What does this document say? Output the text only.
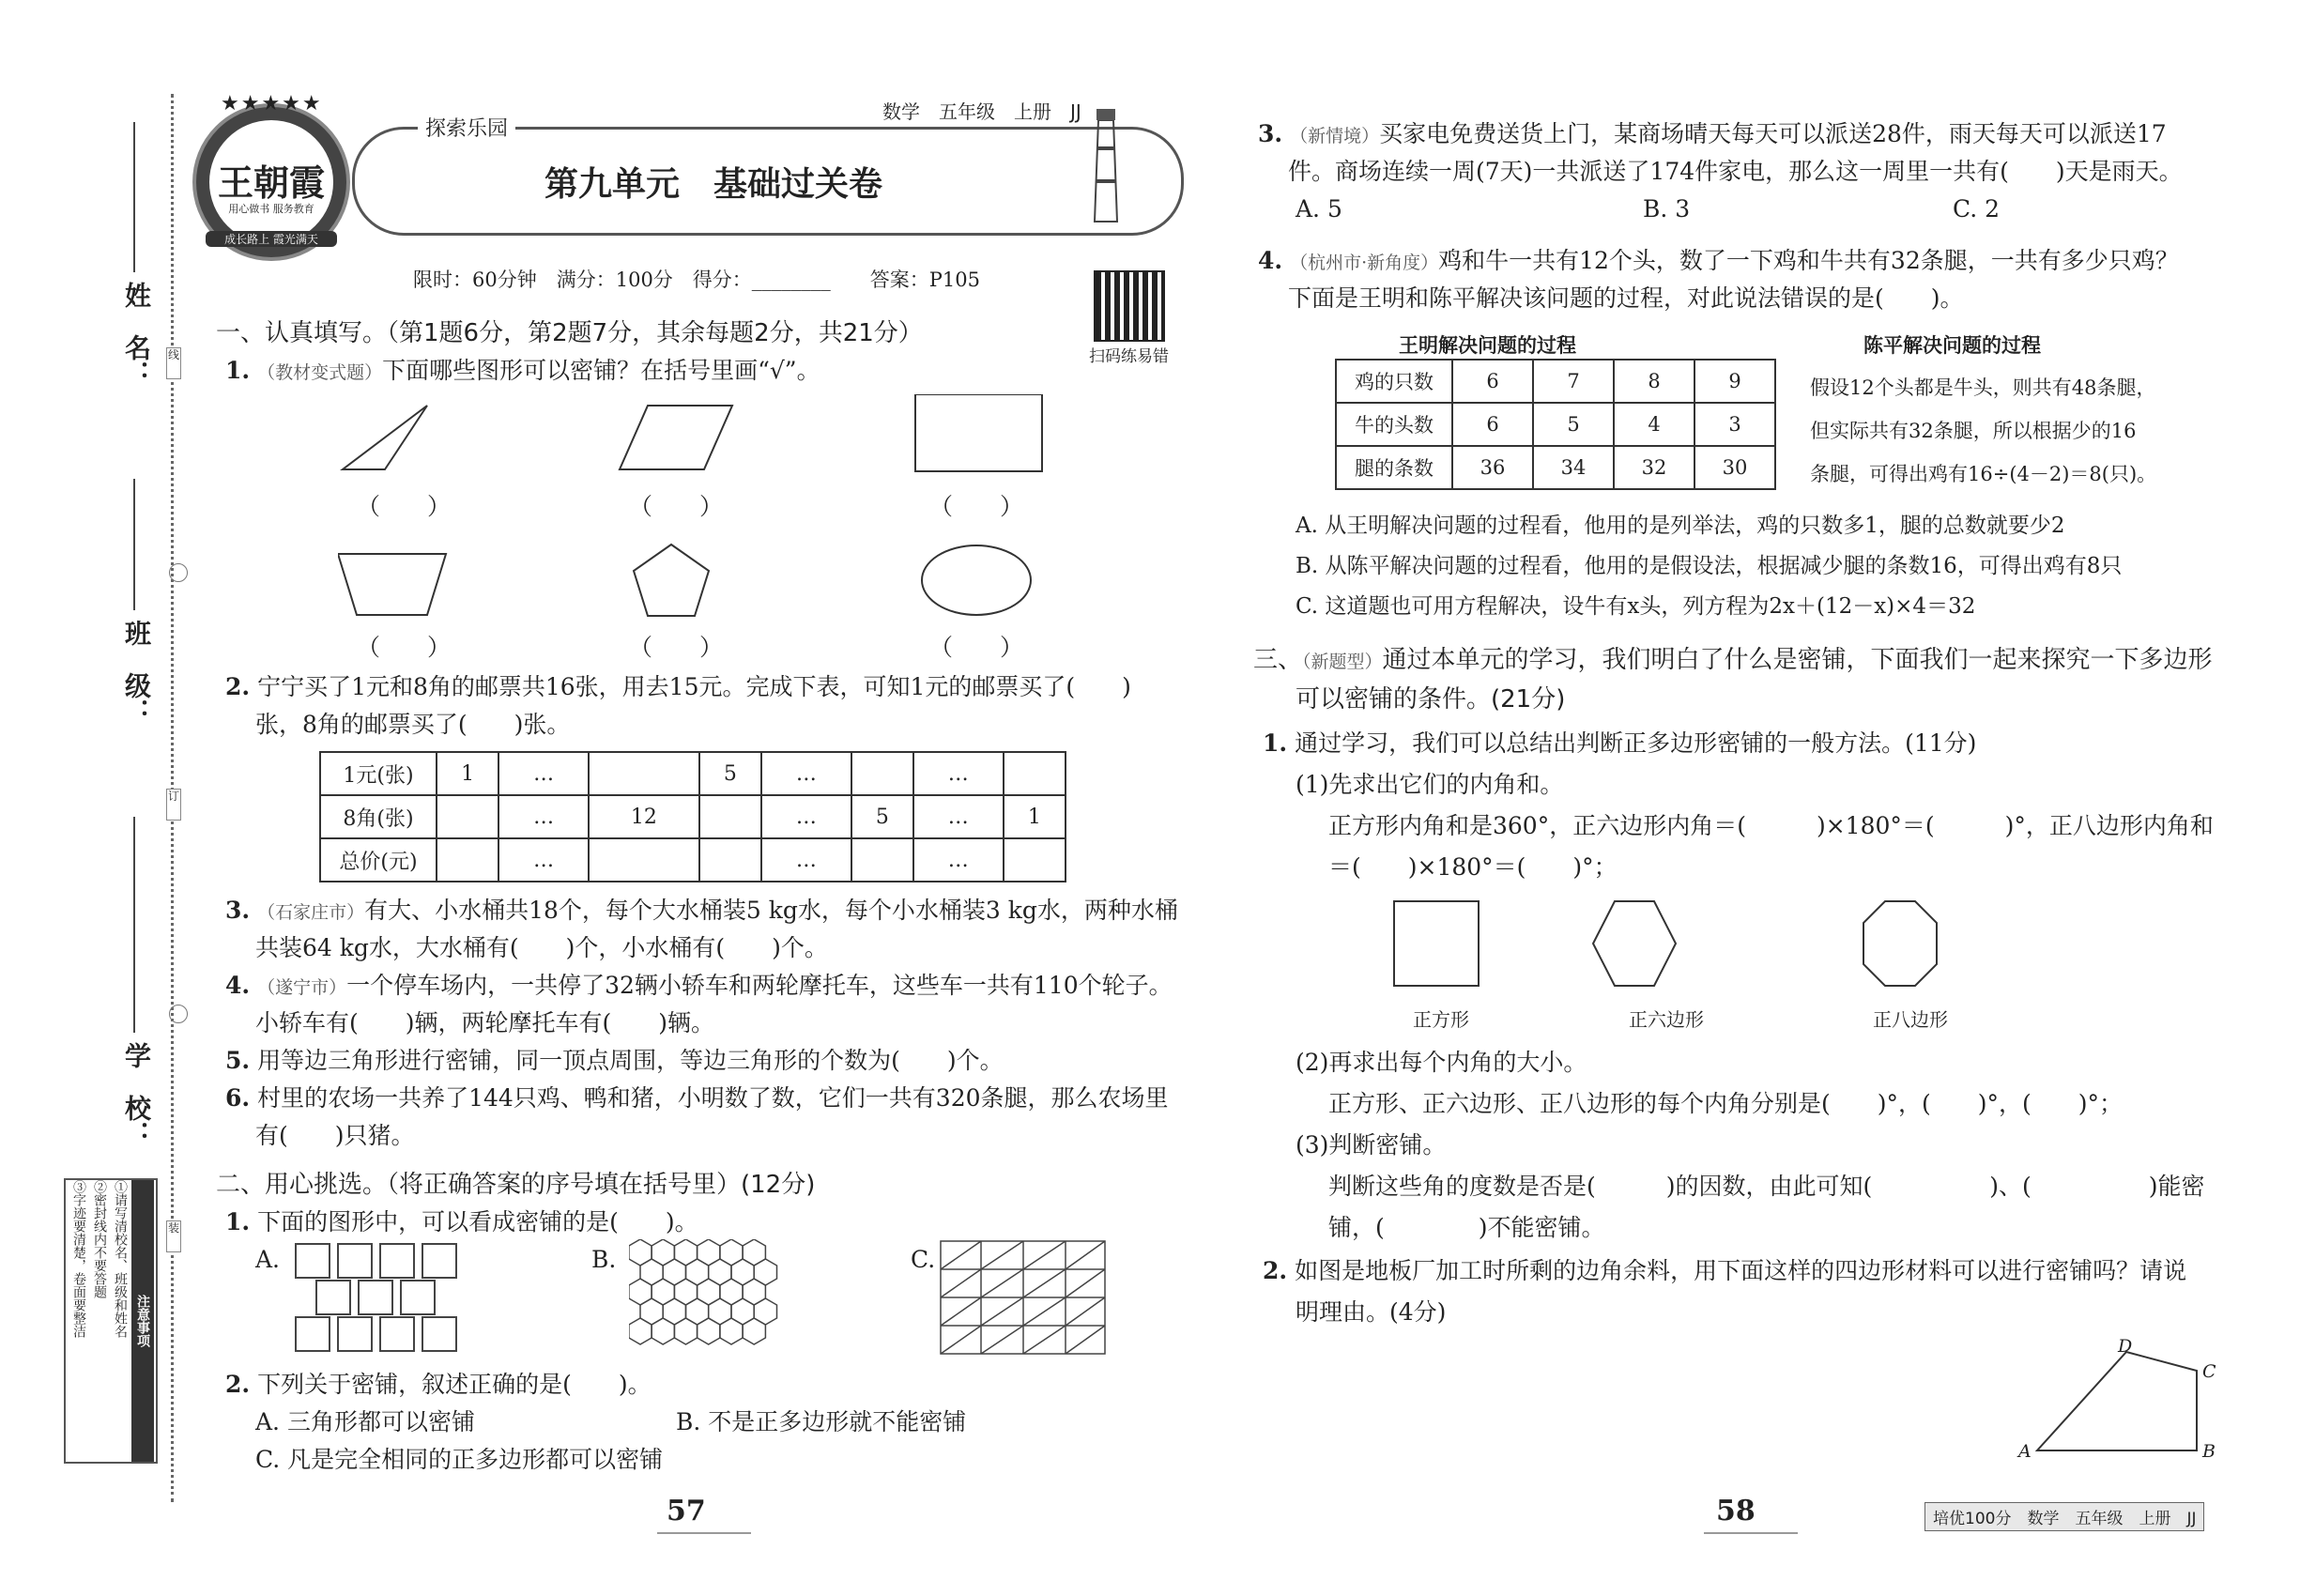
姓　名：
班　级：
学　校：
线
订
装
注意事项
①请写清校名、班级和姓名
②密封线内不要答题
③字迹要清楚，卷面要整洁
王朝霞
用心做书 服务教育
成长路上 霞光满天
★★★★★
探索乐园
数学　五年级　上册　JJ
第九单元　基础过关卷
限时：60分钟　满分：100分　得分：________　　答案：P105
扫码练易错
一、认真填写。（第1题6分，第2题7分，其余每题2分，共21分）
1. （教材变式题）下面哪些图形可以密铺？在括号里画“√”。
（　　）	（　　）	（　　）
（　　）	（　　）	（　　）
2. 宁宁买了1元和8角的邮票共16张，用去15元。完成下表，可知1元的邮票买了(　　)
张，8角的邮票买了(　　)张。
1元(张)	1	…		5	…		…	
8角(张)		…	12		…	5	…	1
总价(元)		…			…		…	
3. （石家庄市）有大、小水桶共18个，每个大水桶装5 kg水，每个小水桶装3 kg水，两种水桶
共装64 kg水，大水桶有(　　)个，小水桶有(　　)个。
4. （遂宁市）一个停车场内，一共停了32辆小轿车和两轮摩托车，这些车一共有110个轮子。
小轿车有(　　)辆，两轮摩托车有(　　)辆。
5. 用等边三角形进行密铺，同一顶点周围，等边三角形的个数为(　　)个。
6. 村里的农场一共养了144只鸡、鸭和猪，小明数了数，它们一共有320条腿，那么农场里
有(　　)只猪。
二、用心挑选。（将正确答案的序号填在括号里）(12分)
1. 下面的图形中，可以看成密铺的是(　　)。
A.	B.	C.
2. 下列关于密铺，叙述正确的是(　　)。
A. 三角形都可以密铺	B. 不是正多边形就不能密铺
C. 凡是完全相同的正多边形都可以密铺
57
3. （新情境）买家电免费送货上门，某商场晴天每天可以派送28件，雨天每天可以派送17
件。商场连续一周(7天)一共派送了174件家电，那么这一周里一共有(　　)天是雨天。
A. 5	B. 3	C. 2
4. （杭州市·新角度）鸡和牛一共有12个头，数了一下鸡和牛共有32条腿，一共有多少只鸡？
下面是王明和陈平解决该问题的过程，对此说法错误的是(　　)。
王明解决问题的过程	陈平解决问题的过程
鸡的只数	6	7	8	9
牛的头数	6	5	4	3
腿的条数	36	34	32	30
假设12个头都是牛头，则共有48条腿，
但实际共有32条腿，所以根据少的16
条腿，可得出鸡有16÷(4－2)＝8(只)。
A. 从王明解决问题的过程看，他用的是列举法，鸡的只数多1，腿的总数就要少2
B. 从陈平解决问题的过程看，他用的是假设法，根据减少腿的条数16，可得出鸡有8只
C. 这道题也可用方程解决，设牛有x头，列方程为2x＋(12－x)×4＝32
三、（新题型）通过本单元的学习，我们明白了什么是密铺，下面我们一起来探究一下多边形
可以密铺的条件。(21分)
1. 通过学习，我们可以总结出判断正多边形密铺的一般方法。(11分)
(1)先求出它们的内角和。
正方形内角和是360°，正六边形内角＝(　　　)×180°＝(　　　)°，正八边形内角和
＝(　　)×180°＝(　　)°；
正方形	正六边形	正八边形
(2)再求出每个内角的大小。
正方形、正六边形、正八边形的每个内角分别是(　　)°，(　　)°，(　　)°；
(3)判断密铺。
判断这些角的度数是否是(　　　)的因数，由此可知(　　　　　)、(　　　　　)能密
铺，(　　　　)不能密铺。
2. 如图是地板厂加工时所剩的边角余料，用下面这样的四边形材料可以进行密铺吗？请说
明理由。(4分)
A	B
C
D
58	培优100分　数学　五年级　上册　JJ
